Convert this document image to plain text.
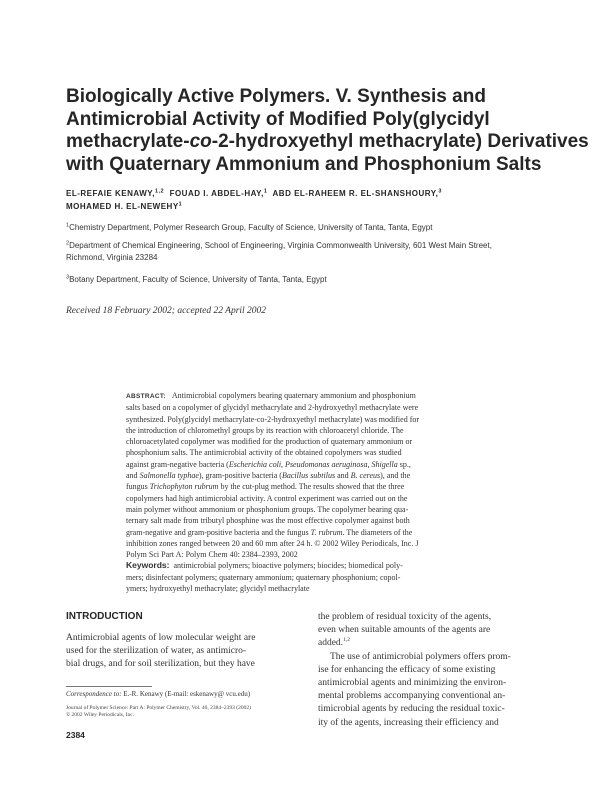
Biologically Active Polymers. V. Synthesis and
Antimicrobial Activity of Modified Poly(glycidyl
methacrylate-co-2-hydroxyethyl methacrylate) Derivatives
with Quaternary Ammonium and Phosphonium Salts
EL-REFAIE KENAWY,$^{1,2}$ FOUAD I. ABDEL-HAY,$^1$ ABD EL-RAHEEM R. EL-SHANSHOURY,$^3$
MOHAMED H. EL-NEWEHY$^1$
$^1$Chemistry Department, Polymer Research Group, Faculty of Science, University of Tanta, Tanta, Egypt
$^2$Department of Chemical Engineering, School of Engineering, Virginia Commonwealth University, 601 West Main Street,
Richmond, Virginia 23284
$^3$Botany Department, Faculty of Science, University of Tanta, Tanta, Egypt
Received 18 February 2002; accepted 22 April 2002
ABSTRACT: Antimicrobial copolymers bearing quaternary ammonium and phosphonium
salts based on a copolymer of glycidyl methacrylate and 2-hydroxyethyl methacrylate were
synthesized. Poly(glycidyl methacrylate-co-2-hydroxyethyl methacrylate) was modified for
the introduction of chloromethyl groups by its reaction with chloroacetyl chloride. The
chloroacetylated copolymer was modified for the production of quaternary ammonium or
phosphonium salts. The antimicrobial activity of the obtained copolymers was studied
against gram-negative bacteria (Escherichia coli, Pseudomonas aeruginosa, Shigella sp.,
and Salmonella typhae), gram-positive bacteria (Bacillus subtilus and B. cereus), and the
fungus Trichophyton rubrum by the cut-plug method. The results showed that the three
copolymers had high antimicrobial activity. A control experiment was carried out on the
main polymer without ammonium or phosphonium groups. The copolymer bearing qua-
ternary salt made from tributyl phosphine was the most effective copolymer against both
gram-negative and gram-positive bacteria and the fungus T. rubrum. The diameters of the
inhibition zones ranged between 20 and 60 mm after 24 h. © 2002 Wiley Periodicals, Inc. J
Polym Sci Part A: Polym Chem 40: 2384–2393, 2002
Keywords: antimicrobial polymers; bioactive polymers; biocides; biomedical poly-
mers; disinfectant polymers; quaternary ammonium; quaternary phosphonium; copol-
ymers; hydroxyethyl methacrylate; glycidyl methacrylate
INTRODUCTION
Antimicrobial agents of low molecular weight are
used for the sterilization of water, as antimicro-
bial drugs, and for soil sterilization, but they have
the problem of residual toxicity of the agents,
even when suitable amounts of the agents are
added.$^{1,2}$
The use of antimicrobial polymers offers prom-
ise for enhancing the efficacy of some existing
antimicrobial agents and minimizing the environ-
mental problems accompanying conventional an-
timicrobial agents by reducing the residual toxic-
ity of the agents, increasing their efficiency and
Correspondence to: E.-R. Kenawy (E-mail: eskenawy@ vcu.edu)
Journal of Polymer Science: Part A: Polymer Chemistry, Vol. 40, 2384–2393 (2002)
© 2002 Wiley Periodicals, Inc.
2384
